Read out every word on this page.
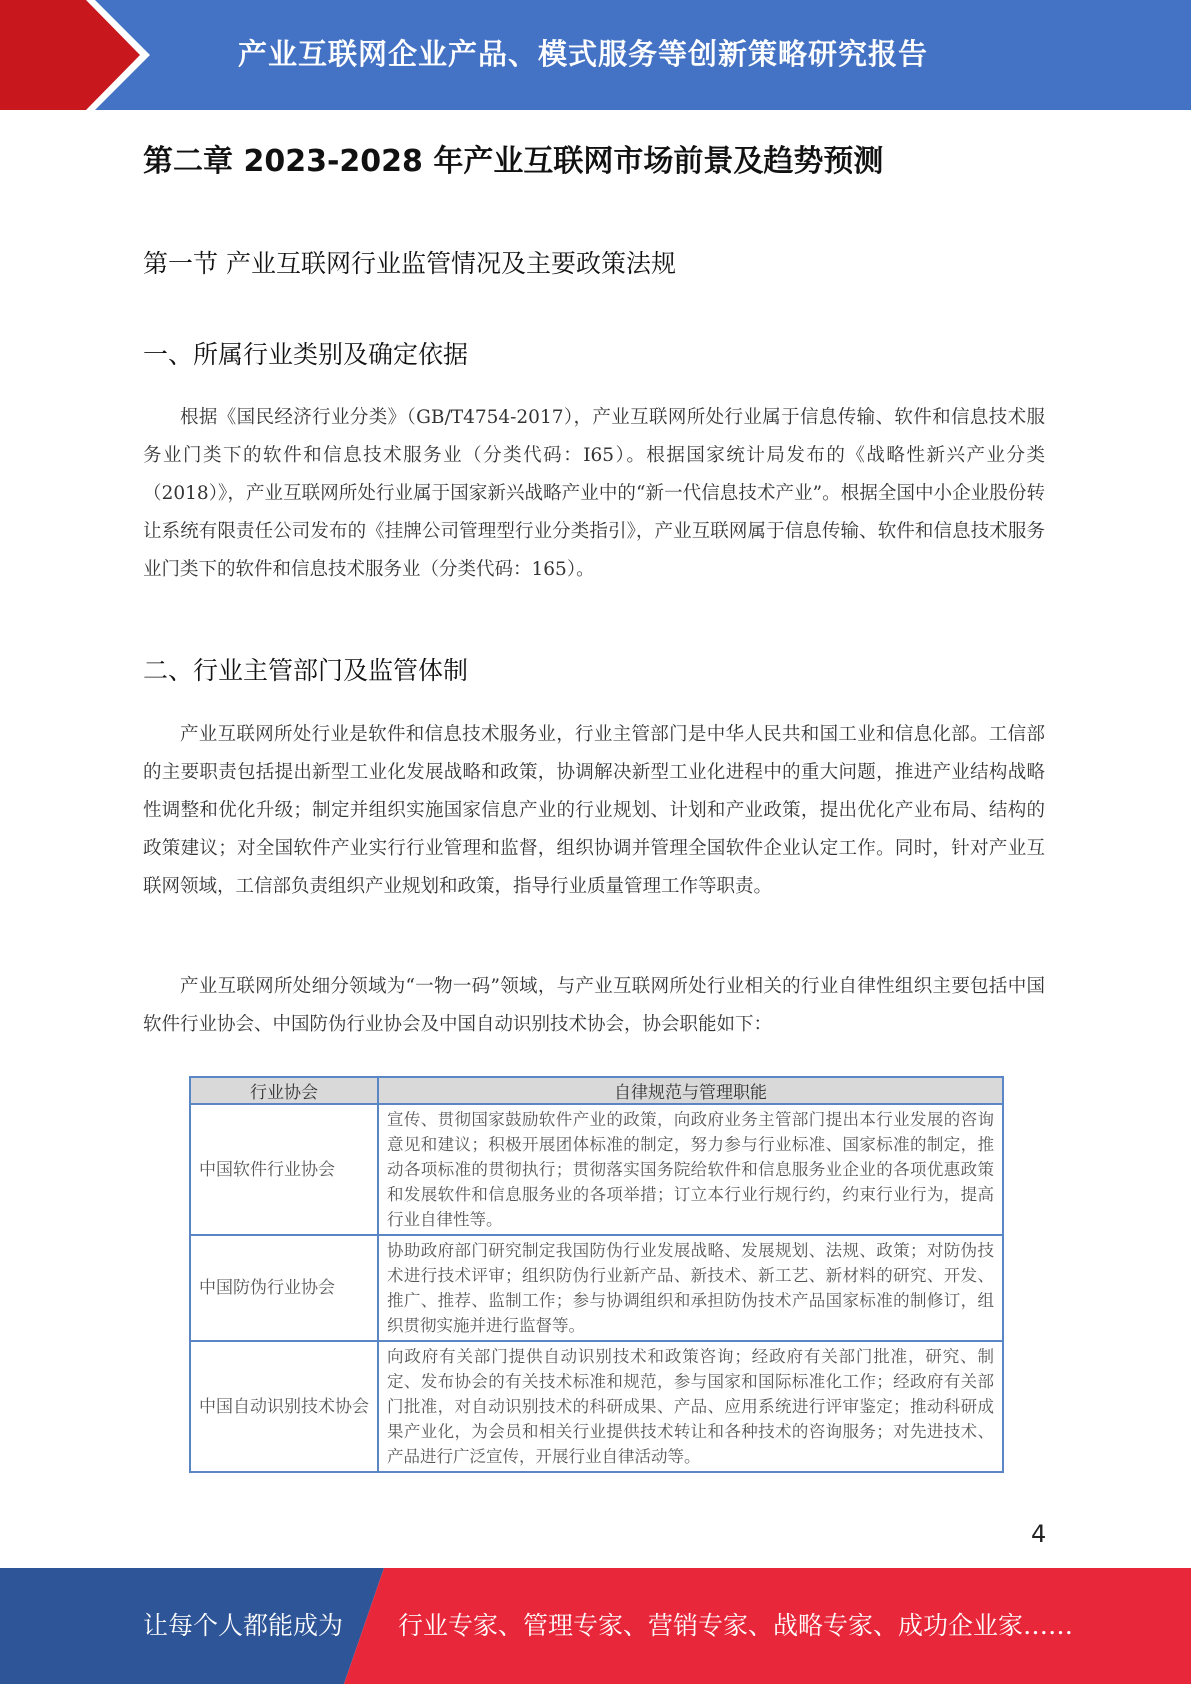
产业互联网企业产品、模式服务等创新策略研究报告
第二章 2023-2028 年产业互联网市场前景及趋势预测
第一节 产业互联网行业监管情况及主要政策法规
一、所属行业类别及确定依据

根据《国民经济行业分类》（GB/T4754-2017），产业互联网所处行业属于信息传输、软件和信息技术服务业门类下的软件和信息技术服务业（分类代码：I65）。根据国家统计局发布的《战略性新兴产业分类（2018）》，产业互联网所处行业属于国家新兴战略产业中的“新一代信息技术产业”。根据全国中小企业股份转让系统有限责任公司发布的《挂牌公司管理型行业分类指引》，产业互联网属于信息传输、软件和信息技术服务业门类下的软件和信息技术服务业（分类代码：165）。

二、行业主管部门及监管体制

产业互联网所处行业是软件和信息技术服务业，行业主管部门是中华人民共和国工业和信息化部。工信部的主要职责包括提出新型工业化发展战略和政策，协调解决新型工业化进程中的重大问题，推进产业结构战略性调整和优化升级；制定并组织实施国家信息产业的行业规划、计划和产业政策，提出优化产业布局、结构的政策建议；对全国软件产业实行行业管理和监督，组织协调并管理全国软件企业认定工作。同时，针对产业互联网领域，工信部负责组织产业规划和政策，指导行业质量管理工作等职责。

产业互联网所处细分领域为“一物一码”领域，与产业互联网所处行业相关的行业自律性组织主要包括中国软件行业协会、中国防伪行业协会及中国自动识别技术协会，协会职能如下：

行业协会	自律规范与管理职能
中国软件行业协会	宣传、贯彻国家鼓励软件产业的政策，向政府业务主管部门提出本行业发展的咨询意见和建议；积极开展团体标准的制定，努力参与行业标准、国家标准的制定，推动各项标准的贯彻执行；贯彻落实国务院给软件和信息服务业企业的各项优惠政策和发展软件和信息服务业的各项举措；订立本行业行规行约，约束行业行为，提高行业自律性等。
中国防伪行业协会	协助政府部门研究制定我国防伪行业发展战略、发展规划、法规、政策；对防伪技术进行技术评审；组织防伪行业新产品、新技术、新工艺、新材料的研究、开发、推广、推荐、监制工作；参与协调组织和承担防伪技术产品国家标准的制修订，组织贯彻实施并进行监督等。
中国自动识别技术协会	向政府有关部门提供自动识别技术和政策咨询；经政府有关部门批准，研究、制定、发布协会的有关技术标准和规范，参与国家和国际标准化工作；经政府有关部门批准，对自动识别技术的科研成果、产品、应用系统进行评审鉴定；推动科研成果产业化，为会员和相关行业提供技术转让和各种技术的咨询服务；对先进技术、产品进行广泛宣传，开展行业自律活动等。
4
让每个人都能成为 行业专家、管理专家、营销专家、战略专家、成功企业家……
